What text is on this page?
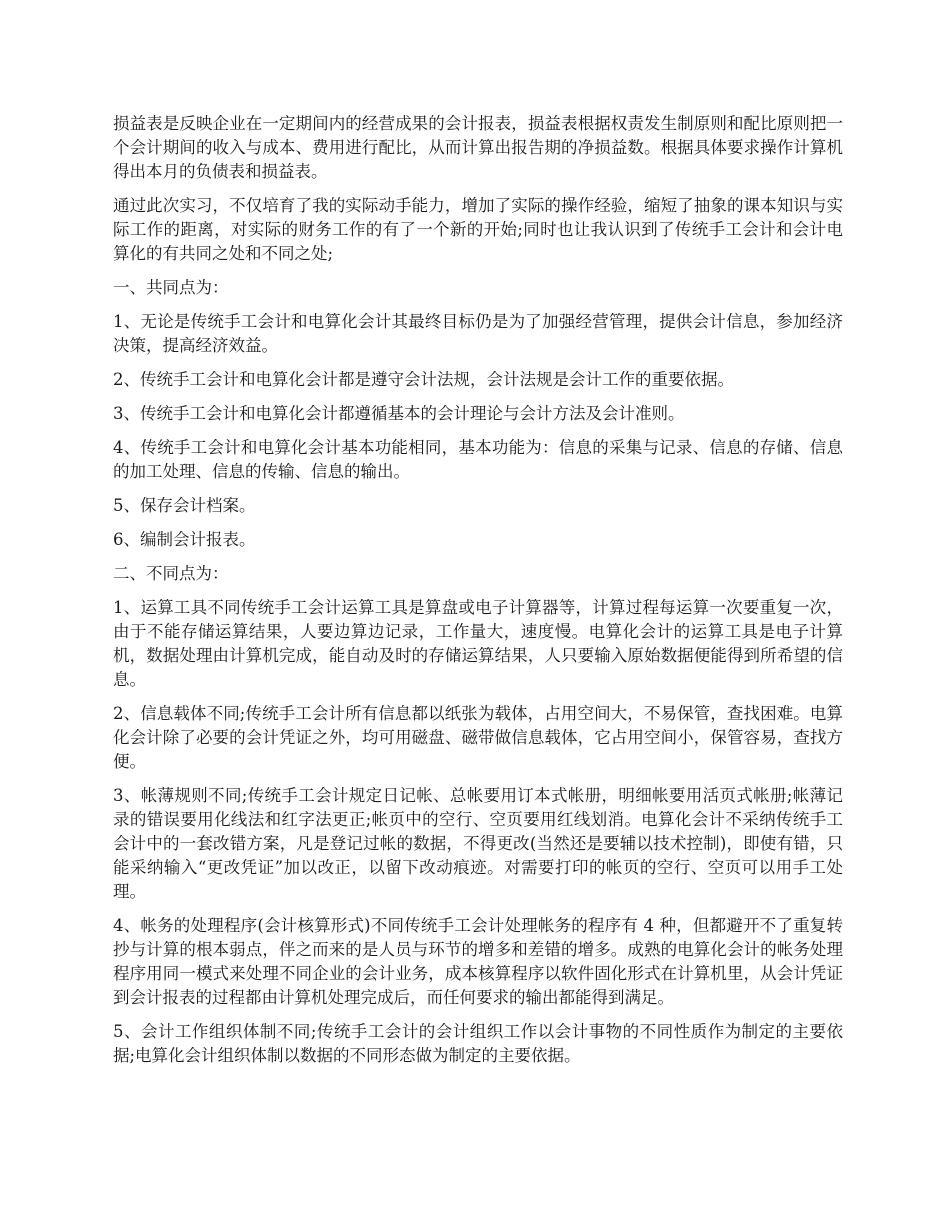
损益表是反映企业在一定期间内的经营成果的会计报表，损益表根据权责发生制原则和配比原则把一个会计期间的收入与成本、费用进行配比，从而计算出报告期的净损益数。根据具体要求操作计算机得出本月的负债表和损益表。

通过此次实习，不仅培育了我的实际动手能力，增加了实际的操作经验，缩短了抽象的课本知识与实际工作的距离，对实际的财务工作的有了一个新的开始;同时也让我认识到了传统手工会计和会计电算化的有共同之处和不同之处;

一、共同点为：

1、无论是传统手工会计和电算化会计其最终目标仍是为了加强经营管理，提供会计信息，参加经济决策，提高经济效益。

2、传统手工会计和电算化会计都是遵守会计法规，会计法规是会计工作的重要依据。

3、传统手工会计和电算化会计都遵循基本的会计理论与会计方法及会计准则。

4、传统手工会计和电算化会计基本功能相同，基本功能为：信息的采集与记录、信息的存储、信息的加工处理、信息的传输、信息的输出。

5、保存会计档案。

6、编制会计报表。

二、不同点为：

1、运算工具不同传统手工会计运算工具是算盘或电子计算器等，计算过程每运算一次要重复一次，由于不能存储运算结果，人要边算边记录，工作量大，速度慢。电算化会计的运算工具是电子计算机，数据处理由计算机完成，能自动及时的存储运算结果，人只要输入原始数据便能得到所希望的信息。

2、信息载体不同;传统手工会计所有信息都以纸张为载体，占用空间大，不易保管，查找困难。电算化会计除了必要的会计凭证之外，均可用磁盘、磁带做信息载体，它占用空间小，保管容易，查找方便。

3、帐薄规则不同;传统手工会计规定日记帐、总帐要用订本式帐册，明细帐要用活页式帐册;帐薄记录的错误要用化线法和红字法更正;帐页中的空行、空页要用红线划消。电算化会计不采纳传统手工会计中的一套改错方案，凡是登记过帐的数据，不得更改(当然还是要辅以技术控制)，即使有错，只能采纳输入“更改凭证”加以改正，以留下改动痕迹。对需要打印的帐页的空行、空页可以用手工处理。

4、帐务的处理程序(会计核算形式)不同传统手工会计处理帐务的程序有 4 种，但都避开不了重复转抄与计算的根本弱点，伴之而来的是人员与环节的增多和差错的增多。成熟的电算化会计的帐务处理程序用同一模式来处理不同企业的会计业务，成本核算程序以软件固化形式在计算机里，从会计凭证到会计报表的过程都由计算机处理完成后，而任何要求的输出都能得到满足。

5、会计工作组织体制不同;传统手工会计的会计组织工作以会计事物的不同性质作为制定的主要依据;电算化会计组织体制以数据的不同形态做为制定的主要依据。
